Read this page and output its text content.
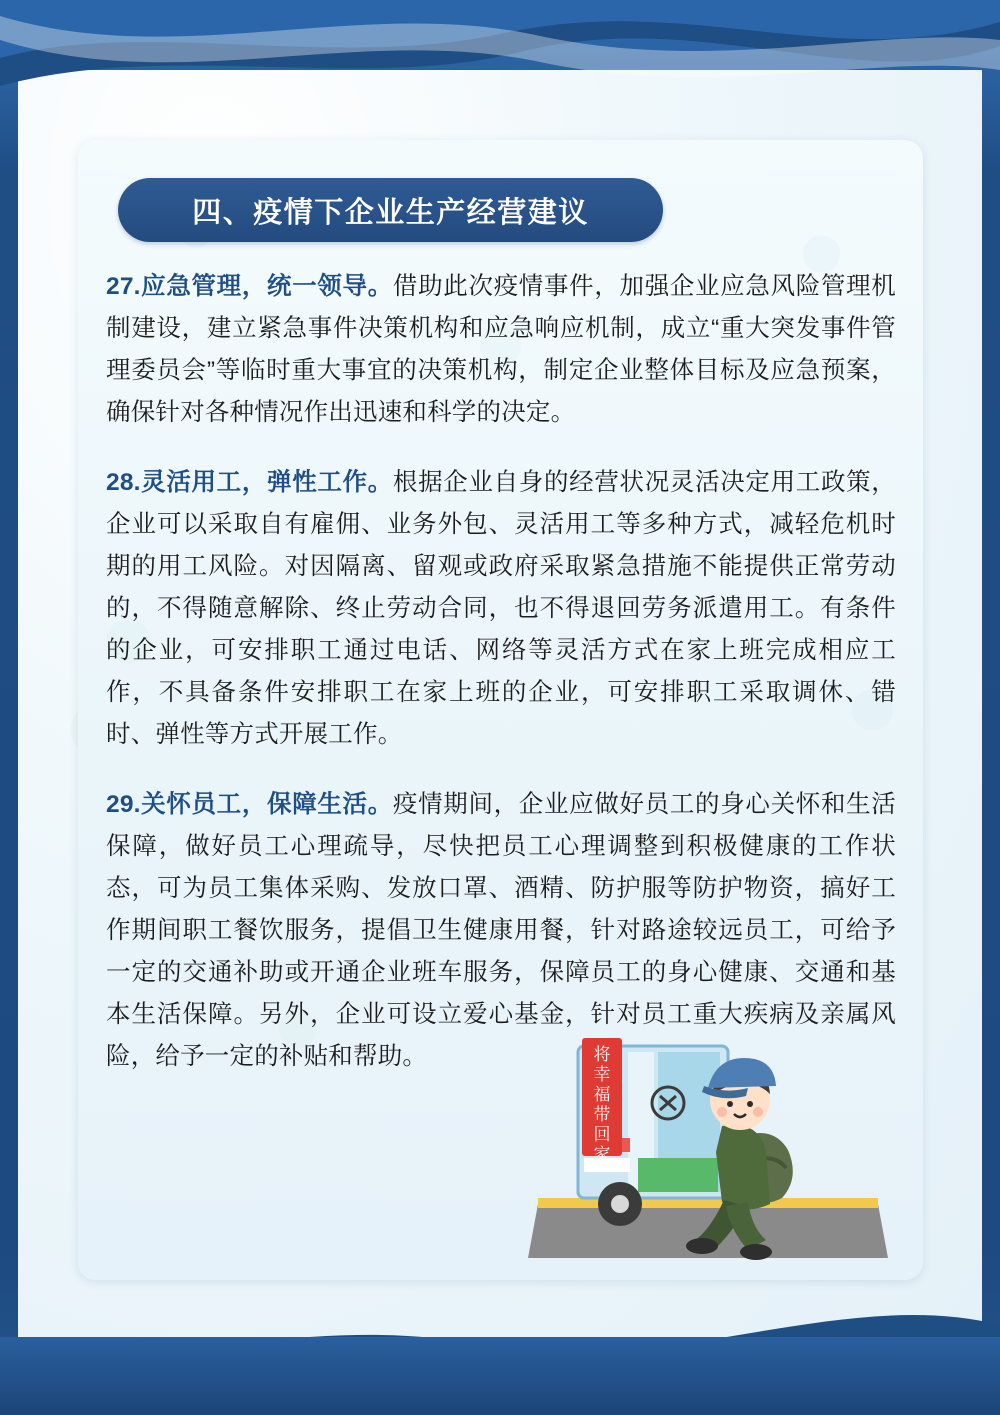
四、疫情下企业生产经营建议

27.应急管理，统一领导。借助此次疫情事件，加强企业应急风险管理机制建设，建立紧急事件决策机构和应急响应机制，成立“重大突发事件管理委员会”等临时重大事宜的决策机构，制定企业整体目标及应急预案，确保针对各种情况作出迅速和科学的决定。

28.灵活用工，弹性工作。根据企业自身的经营状况灵活决定用工政策，企业可以采取自有雇佣、业务外包、灵活用工等多种方式，减轻危机时期的用工风险。对因隔离、留观或政府采取紧急措施不能提供正常劳动的，不得随意解除、终止劳动合同，也不得退回劳务派遣用工。有条件的企业，可安排职工通过电话、网络等灵活方式在家上班完成相应工作，不具备条件安排职工在家上班的企业，可安排职工采取调休、错时、弹性等方式开展工作。

29.关怀员工，保障生活。疫情期间，企业应做好员工的身心关怀和生活保障，做好员工心理疏导，尽快把员工心理调整到积极健康的工作状态，可为员工集体采购、发放口罩、酒精、防护服等防护物资，搞好工作期间职工餐饮服务，提倡卫生健康用餐，针对路途较远员工，可给予一定的交通补助或开通企业班车服务，保障员工的身心健康、交通和基本生活保障。另外，企业可设立爱心基金，针对员工重大疾病及亲属风险，给予一定的补贴和帮助。	将
幸
福
带
回
家
